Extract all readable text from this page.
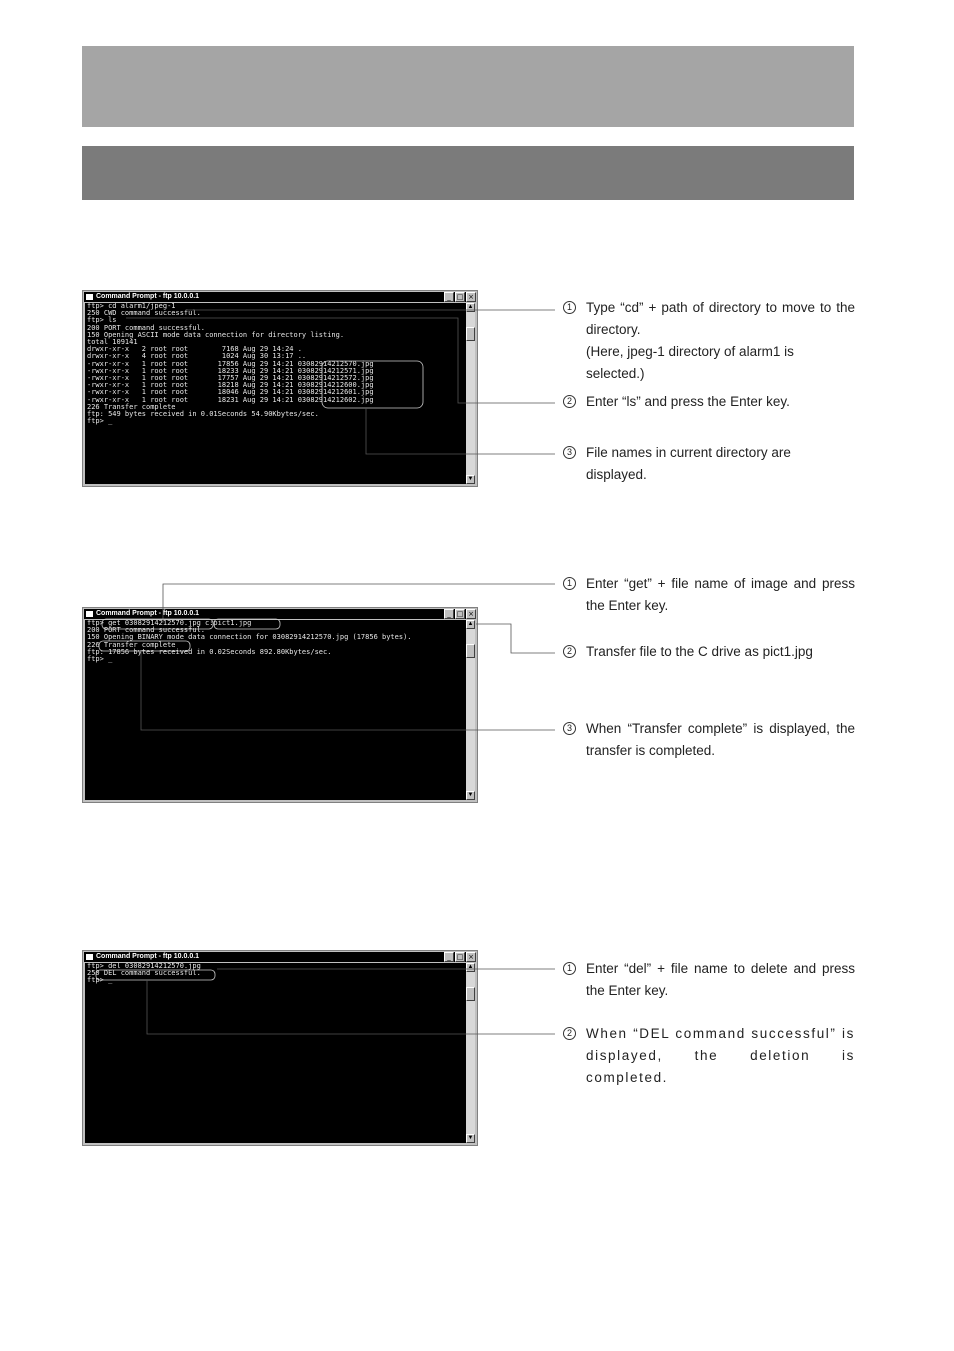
Command Prompt - ftp 10.0.0.1	_ □ ×
ftp> cd alarm1/jpeg-1
250 CWD command successful.
ftp> ls
200 PORT command successful.
150 Opening ASCII mode data connection for directory listing.
total 109141
drwxr-xr-x   2 root root        7168 Aug 29 14:24 .
drwxr-xr-x   4 root root        1024 Aug 30 13:17 ..
-rwxr-xr-x   1 root root       17856 Aug 29 14:21 03082914212570.jpg
-rwxr-xr-x   1 root root       18233 Aug 29 14:21 03082914212571.jpg
-rwxr-xr-x   1 root root       17757 Aug 29 14:21 03082914212572.jpg
-rwxr-xr-x   1 root root       18218 Aug 29 14:21 03082914212600.jpg
-rwxr-xr-x   1 root root       18046 Aug 29 14:21 03082914212601.jpg
-rwxr-xr-x   1 root root       18231 Aug 29 14:21 03082914212602.jpg
226 Transfer complete
ftp: 549 bytes received in 0.01Seconds 54.90Kbytes/sec.
ftp> _
▲
▼
Command Prompt - ftp 10.0.0.1	_ □ ×
ftp> get 03082914212570.jpg c:pict1.jpg
200 PORT command successful.
150 Opening BINARY mode data connection for 03082914212570.jpg (17856 bytes).
226 Transfer complete
ftp: 17856 bytes received in 0.02Seconds 892.80Kbytes/sec.
ftp> _
▲
▼
Command Prompt - ftp 10.0.0.1	_ □ ×
ftp> del 03082914212570.jpg
250 DEL command successful.
ftp> _
▲
▼
1 Type “cd” + path of directory to move to the directory.
(Here, jpeg-1 directory of alarm1 is selected.)
2 Enter “ls” and press the Enter key.
3 File names in current directory are displayed.
1 Enter “get” + file name of image and press the Enter key.
2 Transfer file to the C drive as pict1.jpg
3 When “Transfer complete” is displayed, the transfer is completed.
1 Enter “del” + file name to delete and press the Enter key.
2 When “DEL command successful” is displayed, the deletion is completed.
